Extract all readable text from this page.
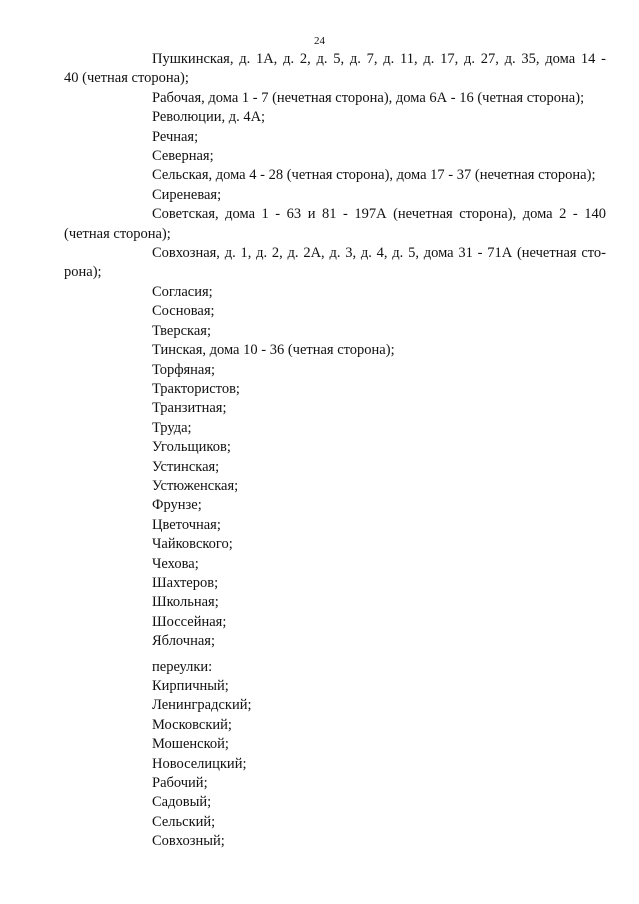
24

Пушкинская, д. 1А, д. 2, д. 5, д. 7, д. 11, д. 17, д. 27, д. 35, дома 14 -
40 (четная сторона);

Рабочая, дома 1 - 7 (нечетная сторона), дома 6А - 16 (четная сторона);

Революции, д. 4А;

Речная;

Северная;

Сельская, дома 4 - 28 (четная сторона), дома 17 - 37 (нечетная сторона);

Сиреневая;

Советская, дома 1 - 63 и 81 - 197А (нечетная сторона), дома 2 - 140
(четная сторона);

Совхозная, д. 1, д. 2, д. 2А, д. 3, д. 4, д. 5, дома 31 - 71А (нечетная сто-
рона);

Согласия;

Сосновая;

Тверская;

Тинская, дома 10 - 36 (четная сторона);

Торфяная;

Трактористов;

Транзитная;

Труда;

Угольщиков;

Устинская;

Устюженская;

Фрунзе;

Цветочная;

Чайковского;

Чехова;

Шахтеров;

Школьная;

Шоссейная;

Яблочная;

переулки:

Кирпичный;

Ленинградский;

Московский;

Мошенской;

Новоселицкий;

Рабочий;

Садовый;

Сельский;

Совхозный;
